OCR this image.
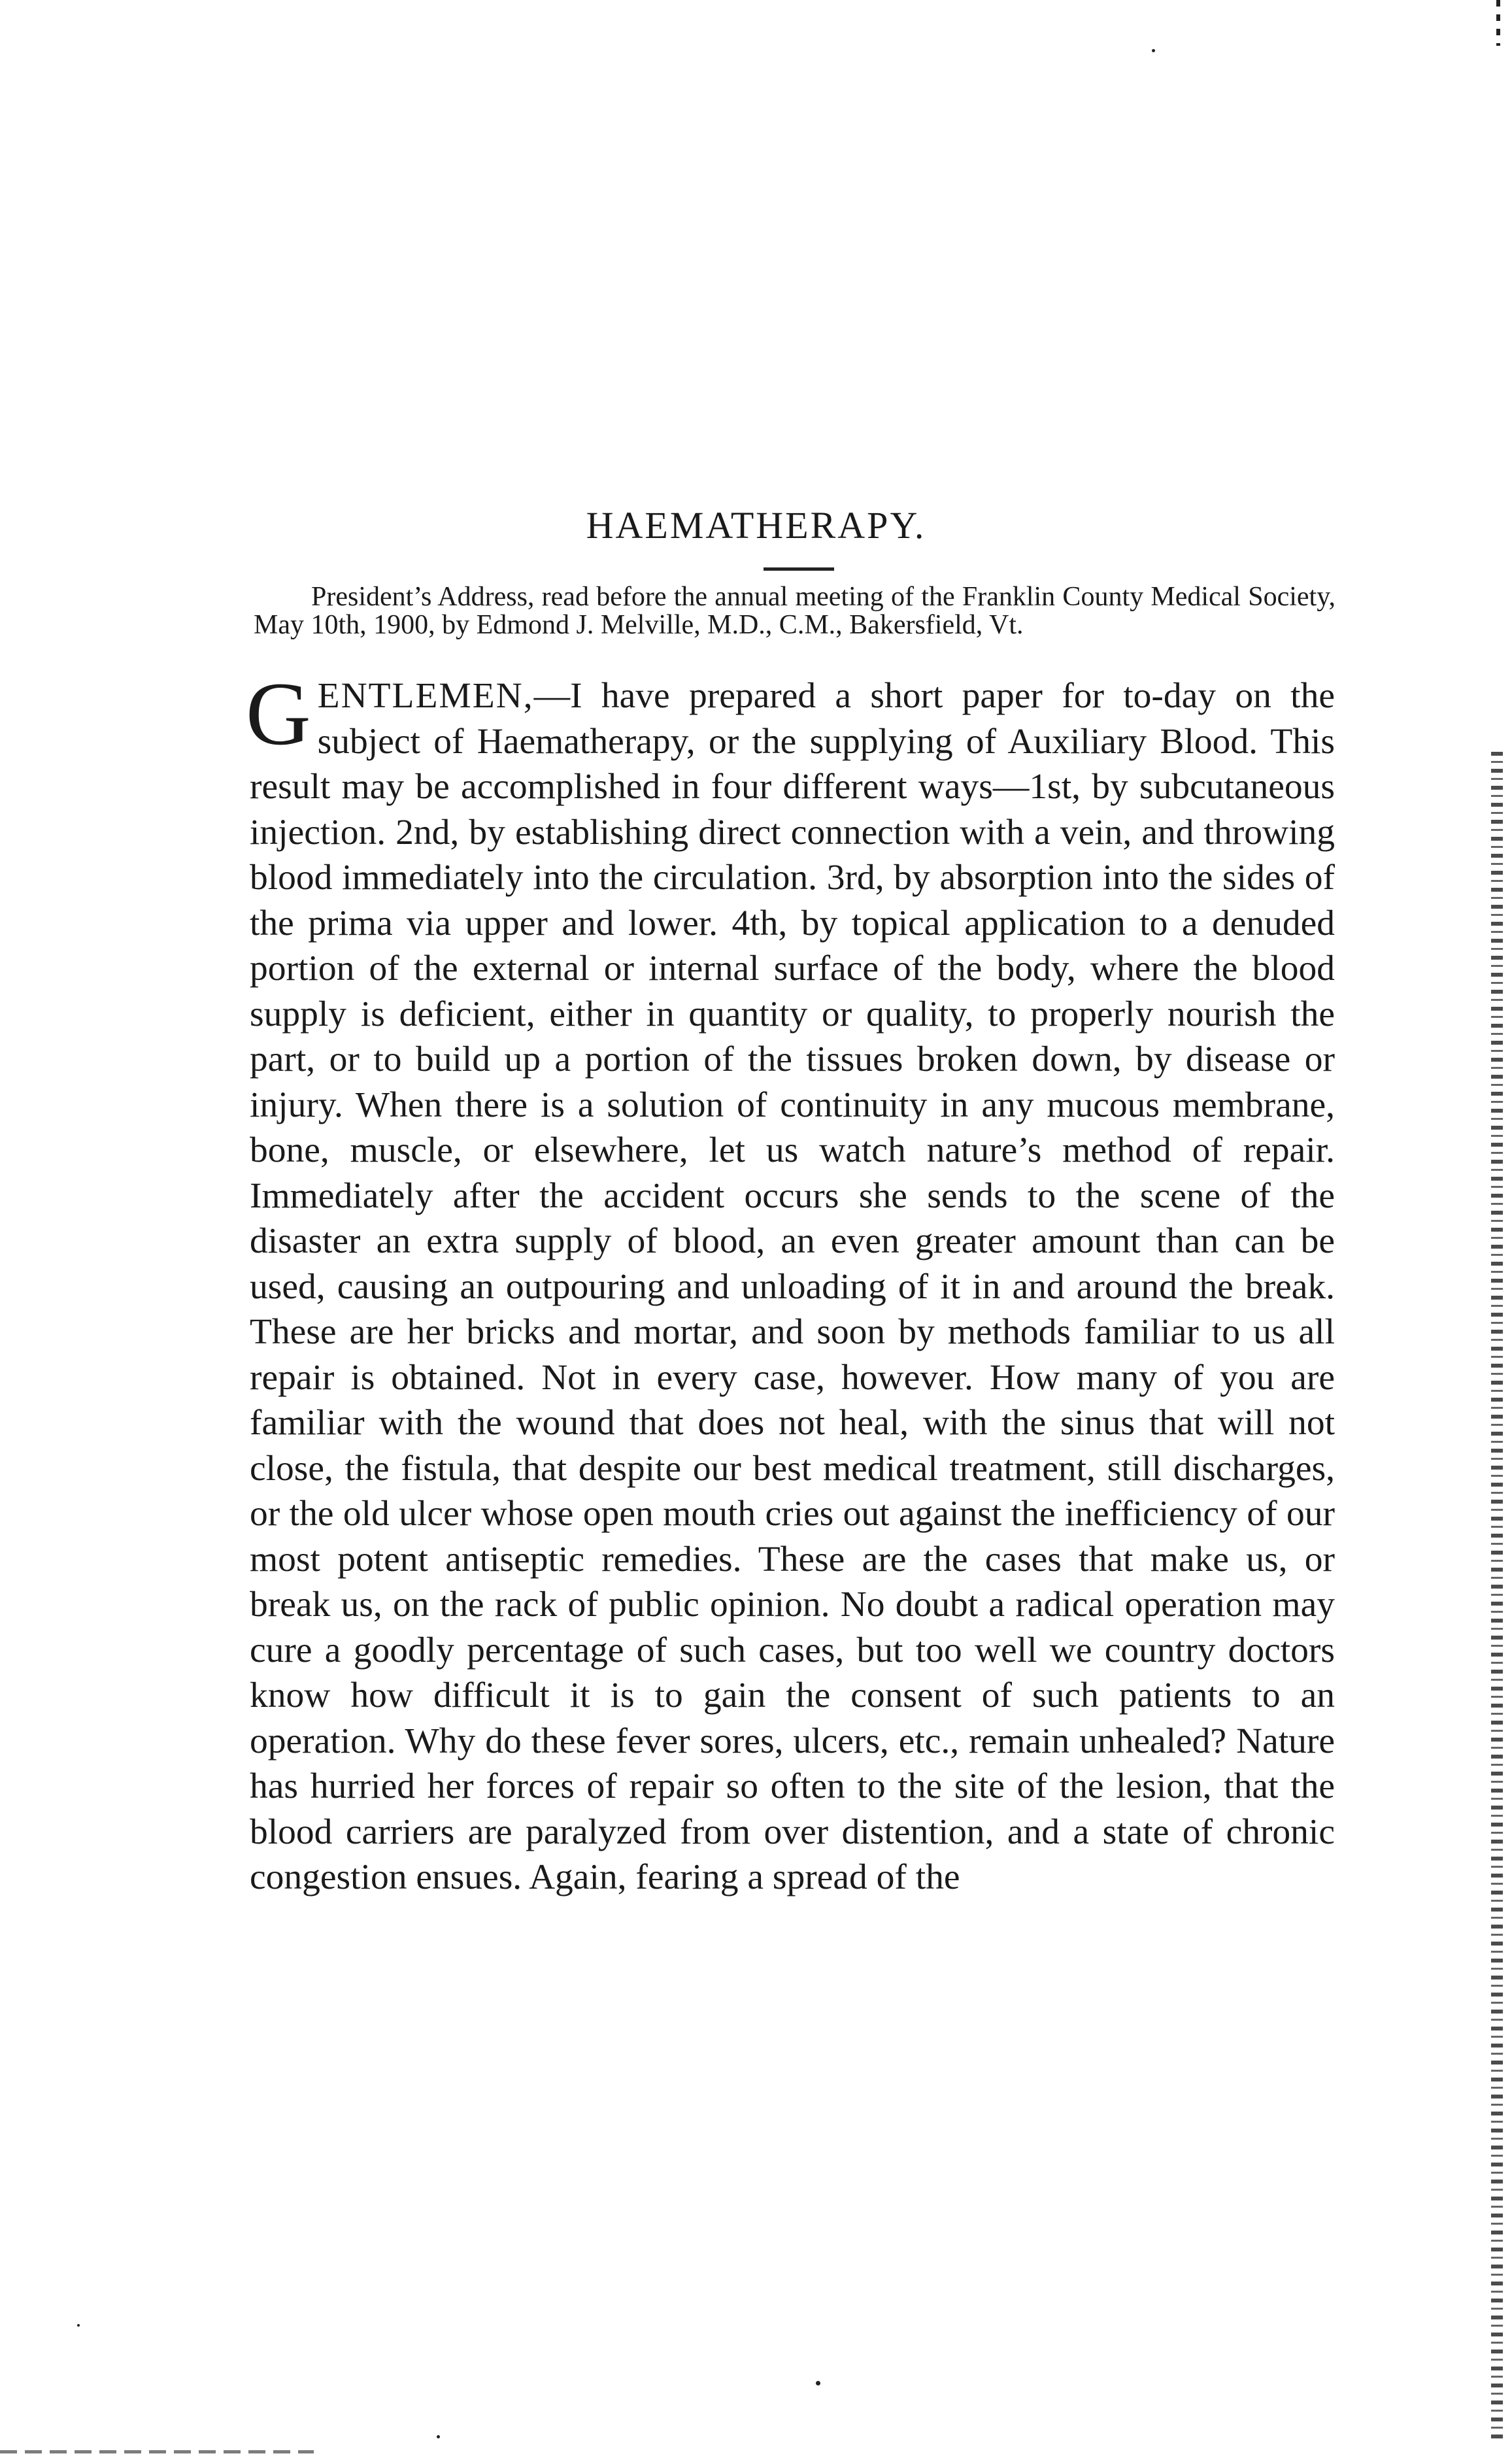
HAEMATHERAPY.

President’s Address, read before the annual meeting of the Franklin County Medical Society, May 10th, 1900, by Edmond J. Melville, M.D., C.M., Bakersfield, Vt.

GENTLEMEN,—I have prepared a short paper for to-day on the subject of Haematherapy, or the supplying of Auxiliary Blood. This result may be accomplished in four different ways—1st, by subcutaneous injection. 2nd, by establishing direct connection with a vein, and throwing blood immediately into the circulation. 3rd, by absorption into the sides of the prima via upper and lower. 4th, by topical application to a denuded portion of the external or internal surface of the body, where the blood supply is deficient, either in quantity or quality, to properly nourish the part, or to build up a portion of the tissues broken down, by disease or injury. When there is a solution of continuity in any mucous membrane, bone, muscle, or elsewhere, let us watch nature’s method of repair. Immediately after the accident occurs she sends to the scene of the disaster an extra supply of blood, an even greater amount than can be used, causing an outpouring and unloading of it in and around the break. These are her bricks and mortar, and soon by methods familiar to us all repair is obtained. Not in every case, however. How many of you are familiar with the wound that does not heal, with the sinus that will not close, the fistula, that despite our best medical treatment, still discharges, or the old ulcer whose open mouth cries out against the inefficiency of our most potent antiseptic remedies. These are the cases that make us, or break us, on the rack of public opinion. No doubt a radical operation may cure a goodly percentage of such cases, but too well we country doctors know how difficult it is to gain the consent of such patients to an operation. Why do these fever sores, ulcers, etc., remain unhealed? Nature has hurried her forces of repair so often to the site of the lesion, that the blood carriers are paralyzed from over distention, and a state of chronic congestion ensues. Again, fearing a spread of the
